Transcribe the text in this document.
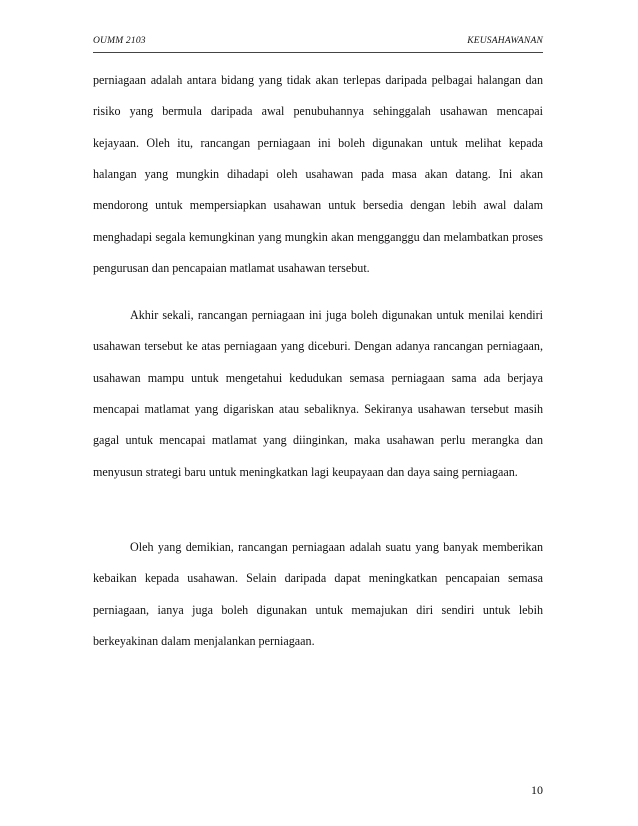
OUMM 2103	KEUSAHAWANAN

perniagaan adalah antara bidang yang tidak akan terlepas daripada pelbagai halangan dan risiko yang bermula daripada awal penubuhannya sehinggalah usahawan mencapai kejayaan. Oleh itu, rancangan perniagaan ini boleh digunakan untuk melihat kepada halangan yang mungkin dihadapi oleh usahawan pada masa akan datang. Ini akan mendorong untuk mempersiapkan usahawan untuk bersedia dengan lebih awal dalam menghadapi segala kemungkinan yang mungkin akan mengganggu dan melambatkan proses pengurusan dan pencapaian matlamat usahawan tersebut.

Akhir sekali, rancangan perniagaan ini juga boleh digunakan untuk menilai kendiri usahawan tersebut ke atas perniagaan yang diceburi. Dengan adanya rancangan perniagaan, usahawan mampu untuk mengetahui kedudukan semasa perniagaan sama ada berjaya mencapai matlamat yang digariskan atau sebaliknya. Sekiranya usahawan tersebut masih gagal untuk mencapai matlamat yang diinginkan, maka usahawan perlu merangka dan menyusun strategi baru untuk meningkatkan lagi keupayaan dan daya saing perniagaan.

Oleh yang demikian, rancangan perniagaan adalah suatu yang banyak memberikan kebaikan kepada usahawan. Selain daripada dapat meningkatkan pencapaian semasa perniagaan, ianya juga boleh digunakan untuk memajukan diri sendiri untuk lebih berkeyakinan dalam menjalankan perniagaan.

10
